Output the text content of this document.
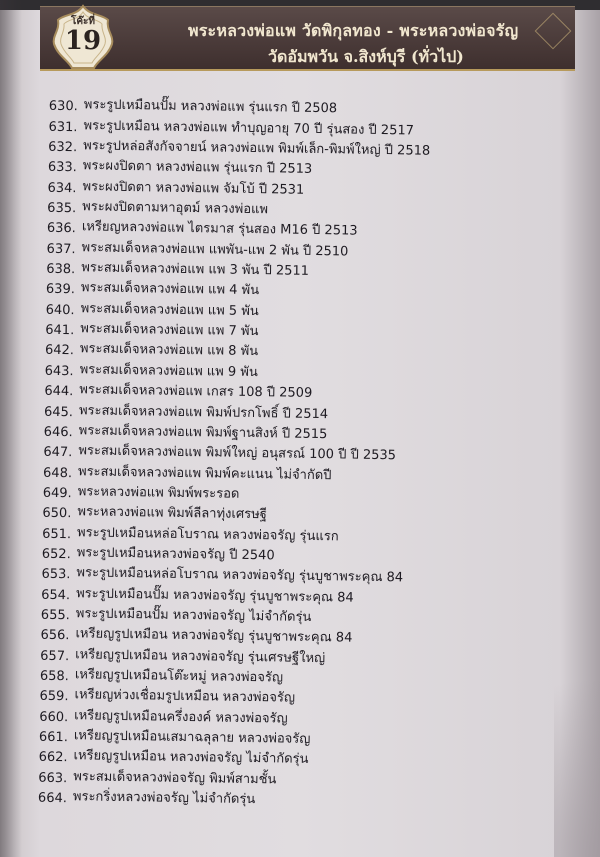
พระหลวงพ่อแพ วัดพิกุลทอง - พระหลวงพ่อจรัญ
วัดอัมพวัน จ.สิงห์บุรี (ทั่วไป)
โค๊ะที่
19
630. พระรูปเหมือนปั๊ม หลวงพ่อแพ รุ่นแรก ปี 2508
631. พระรูปเหมือน หลวงพ่อแพ ทำบุญอายุ 70 ปี รุ่นสอง ปี 2517
632. พระรูปหล่อสังกัจจายน์ หลวงพ่อแพ พิมพ์เล็ก-พิมพ์ใหญ่ ปี 2518
633. พระผงปิดตา หลวงพ่อแพ รุ่นแรก ปี 2513
634. พระผงปิดตา หลวงพ่อแพ จัมโบ้ ปี 2531
635. พระผงปิดตามหาอุตม์ หลวงพ่อแพ
636. เหรียญหลวงพ่อแพ ไตรมาส รุ่นสอง M16 ปี 2513
637. พระสมเด็จหลวงพ่อแพ แพพัน-แพ 2 พัน ปี 2510
638. พระสมเด็จหลวงพ่อแพ แพ 3 พัน ปี 2511
639. พระสมเด็จหลวงพ่อแพ แพ 4 พัน
640. พระสมเด็จหลวงพ่อแพ แพ 5 พัน
641. พระสมเด็จหลวงพ่อแพ แพ 7 พัน
642. พระสมเด็จหลวงพ่อแพ แพ 8 พัน
643. พระสมเด็จหลวงพ่อแพ แพ 9 พัน
644. พระสมเด็จหลวงพ่อแพ เกสร 108 ปี 2509
645. พระสมเด็จหลวงพ่อแพ พิมพ์ปรกโพธิ์ ปี 2514
646. พระสมเด็จหลวงพ่อแพ พิมพ์ฐานสิงห์ ปี 2515
647. พระสมเด็จหลวงพ่อแพ พิมพ์ใหญ่ อนุสรณ์ 100 ปี ปี 2535
648. พระสมเด็จหลวงพ่อแพ พิมพ์คะแนน ไม่จำกัดปี
649. พระหลวงพ่อแพ พิมพ์พระรอด
650. พระหลวงพ่อแพ พิมพ์ลีลาทุ่งเศรษฐี
651. พระรูปเหมือนหล่อโบราณ หลวงพ่อจรัญ รุ่นแรก
652. พระรูปเหมือนหลวงพ่อจรัญ ปี 2540
653. พระรูปเหมือนหล่อโบราณ หลวงพ่อจรัญ รุ่นบูชาพระคุณ 84
654. พระรูปเหมือนปั๊ม หลวงพ่อจรัญ รุ่นบูชาพระคุณ 84
655. พระรูปเหมือนปั๊ม หลวงพ่อจรัญ ไม่จำกัดรุ่น
656. เหรียญรูปเหมือน หลวงพ่อจรัญ รุ่นบูชาพระคุณ 84
657. เหรียญรูปเหมือน หลวงพ่อจรัญ รุ่นเศรษฐีใหญ่
658. เหรียญรูปเหมือนโต๊ะหมู่ หลวงพ่อจรัญ
659. เหรียญห่วงเชื่อมรูปเหมือน หลวงพ่อจรัญ
660. เหรียญรูปเหมือนครึ่งองค์ หลวงพ่อจรัญ
661. เหรียญรูปเหมือนเสมาฉลุลาย หลวงพ่อจรัญ
662. เหรียญรูปเหมือน หลวงพ่อจรัญ ไม่จำกัดรุ่น
663. พระสมเด็จหลวงพ่อจรัญ พิมพ์สามชั้น
664. พระกริ่งหลวงพ่อจรัญ ไม่จำกัดรุ่น
